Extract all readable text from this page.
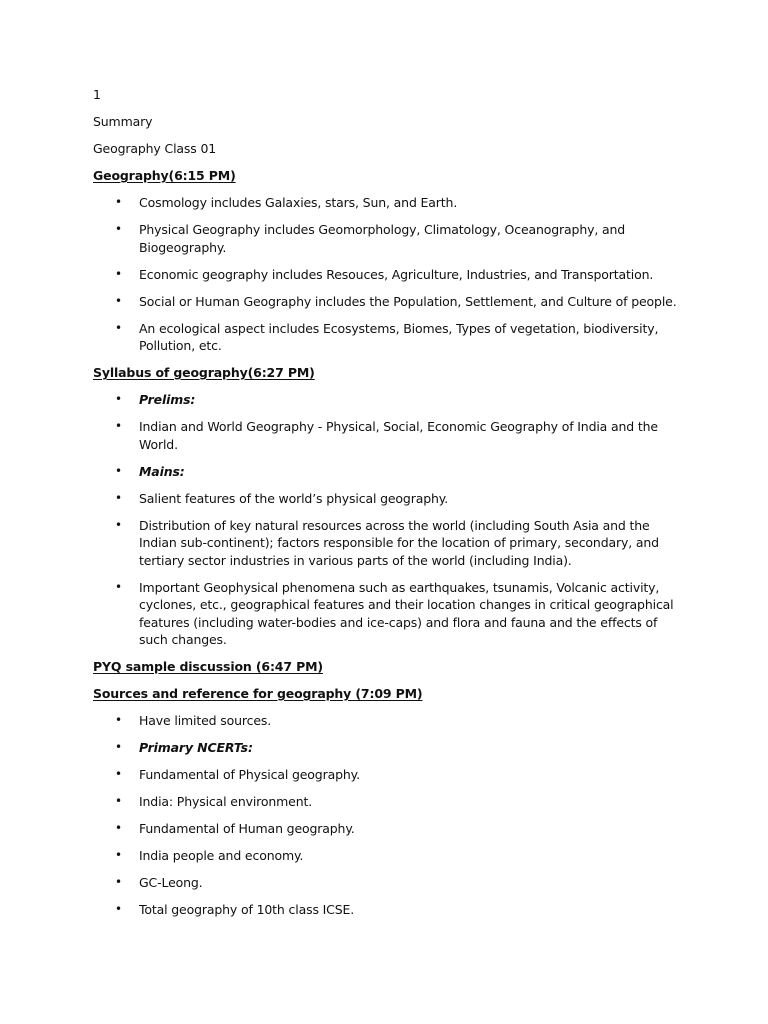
1

Summary

Geography Class 01

Geography(6:15 PM)

• Cosmology includes Galaxies, stars, Sun, and Earth.
• Physical Geography includes Geomorphology, Climatology, Oceanography, and Biogeography.
• Economic geography includes Resouces, Agriculture, Industries, and Transportation.
• Social or Human Geography includes the Population, Settlement, and Culture of people.
• An ecological aspect includes Ecosystems, Biomes, Types of vegetation, biodiversity, Pollution, etc.

Syllabus of geography(6:27 PM)

• Prelims:
• Indian and World Geography - Physical, Social, Economic Geography of India and the World.
• Mains:
• Salient features of the world’s physical geography.
• Distribution of key natural resources across the world (including South Asia and the Indian sub-continent); factors responsible for the location of primary, secondary, and tertiary sector industries in various parts of the world (including India).
• Important Geophysical phenomena such as earthquakes, tsunamis, Volcanic activity, cyclones, etc., geographical features and their location changes in critical geographical features (including water-bodies and ice-caps) and flora and fauna and the effects of such changes.

PYQ sample discussion (6:47 PM)

Sources and reference for geography (7:09 PM)

• Have limited sources.
• Primary NCERTs:
• Fundamental of Physical geography.
• India: Physical environment.
• Fundamental of Human geography.
• India people and economy.
• GC-Leong.
• Total geography of 10th class ICSE.
